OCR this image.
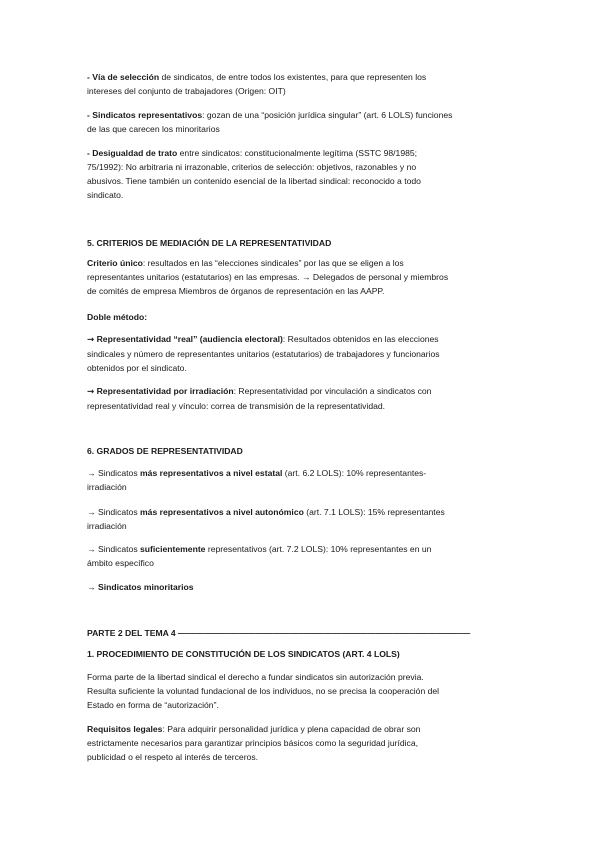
- Vía de selección de sindicatos, de entre todos los existentes, para que representen los
intereses del conjunto de trabajadores (Origen: OIT)

- Sindicatos representativos: gozan de una “posición jurídica singular” (art. 6 LOLS) funciones
de las que carecen los minoritarios

- Desigualdad de trato entre sindicatos: constitucionalmente legítima (SSTC 98/1985;
75/1992): No arbitraria ni irrazonable, criterios de selección: objetivos, razonables y no
abusivos. Tiene también un contenido esencial de la libertad sindical: reconocido a todo
sindicato.

5. CRITERIOS DE MEDIACIÓN DE LA REPRESENTATIVIDAD

Criterio único: resultados en las “elecciones sindicales” por las que se eligen a los
representantes unitarios (estatutarios) en las empresas. → Delegados de personal y miembros
de comités de empresa Miembros de órganos de representación en las AAPP.

Doble método:

→ Representatividad “real” (audiencia electoral): Resultados obtenidos en las elecciones
sindicales y número de representantes unitarios (estatutarios) de trabajadores y funcionarios
obtenidos por el sindicato.

→ Representatividad por irradiación: Representatividad por vinculación a sindicatos con
representatividad real y vínculo: correa de transmisión de la representatividad.

6. GRADOS DE REPRESENTATIVIDAD

→ Sindicatos más representativos a nivel estatal (art. 6.2 LOLS): 10% representantes-
irradiación

→ Sindicatos más representativos a nivel autonómico (art. 7.1 LOLS): 15% representantes
irradiación

→ Sindicatos suficientemente representativos (art. 7.2 LOLS): 10% representantes en un
ámbito específico

→ Sindicatos minoritarios

PARTE 2 DEL TEMA 4 ——————————————————————————————————

1. PROCEDIMIENTO DE CONSTITUCIÓN DE LOS SINDICATOS (ART. 4 LOLS)

Forma parte de la libertad sindical el derecho a fundar sindicatos sin autorización previa.
Resulta suficiente la voluntad fundacional de los individuos, no se precisa la cooperación del
Estado en forma de “autorización”.

Requisitos legales: Para adquirir personalidad jurídica y plena capacidad de obrar son
estrictamente necesarios para garantizar principios básicos como la seguridad jurídica,
publicidad o el respeto al interés de terceros.
